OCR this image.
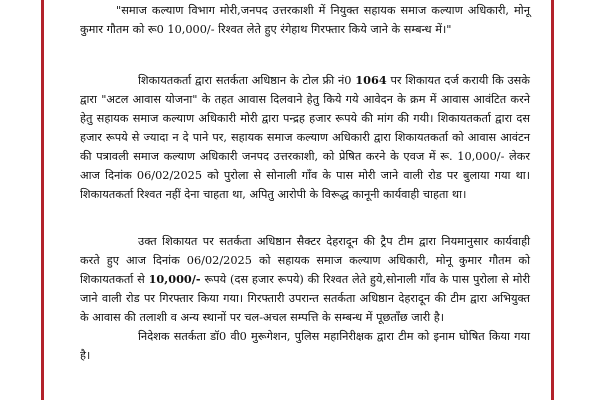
"समाज कल्याण विभाग मोरी,जनपद उत्तरकाशी में नियुक्त सहायक समाज कल्याण अधिकारी, मोनू कुमार गौतम को रू0 10,000/- रिश्वत लेते हुए रंगेहाथ गिरफ्तार किये जाने के सम्बन्ध में।"

शिकायतकर्ता द्वारा सतर्कता अधिष्ठान के टोल फ्री नं0 1064 पर शिकायत दर्ज करायी कि उसके द्वारा "अटल आवास योजना" के तहत आवास दिलवाने हेतु किये गये आवेदन के क्रम में आवास आवंटित करने हेतु सहायक समाज कल्याण अधिकारी मोरी द्वारा पन्द्रह हजार रूपये की मांग की गयी। शिकायतकर्ता द्वारा दस हजार रूपये से ज्यादा न दे पाने पर, सहायक समाज कल्याण अधिकारी द्वारा शिकायतकर्ता को आवास आवंटन की पत्रावली समाज कल्याण अधिकारी जनपद उत्तरकाशी, को प्रेषित करने के एवज में रू. 10,000/- लेकर आज दिनांक 06/02/2025 को पुरोला से सोनाली गाँव के पास मोरी जाने वाली रोड पर बुलाया गया था। शिकायतकर्ता रिश्वत नहीं देना चाहता था, अपितु आरोपी के विरूद्ध कानूनी कार्यवाही चाहता था।

उक्त शिकायत पर सतर्कता अधिष्ठान सैक्टर देहरादून की ट्रैप टीम द्वारा नियमानुसार कार्यवाही करते हुए आज दिनांक 06/02/2025 को सहायक समाज कल्याण अधिकारी, मोनू कुमार गौतम को शिकायतकर्ता से 10,000/- रूपये (दस हजार रूपये) की रिश्वत लेते हुये,सोनाली गाँव के पास पुरोला से मोरी जाने वाली रोड पर गिरफ्तार किया गया। गिरफ्तारी उपरान्त सतर्कता अधिष्ठान देहरादून की टीम द्वारा अभियुक्त के आवास की तलाशी व अन्य स्थानों पर चल-अचल सम्पत्ति के सम्बन्ध में पूछताँछ जारी है।

निदेशक सतर्कता डॉ0 वी0 मुरूगेशन, पुलिस महानिरीक्षक द्वारा टीम को इनाम घोषित किया गया है।
